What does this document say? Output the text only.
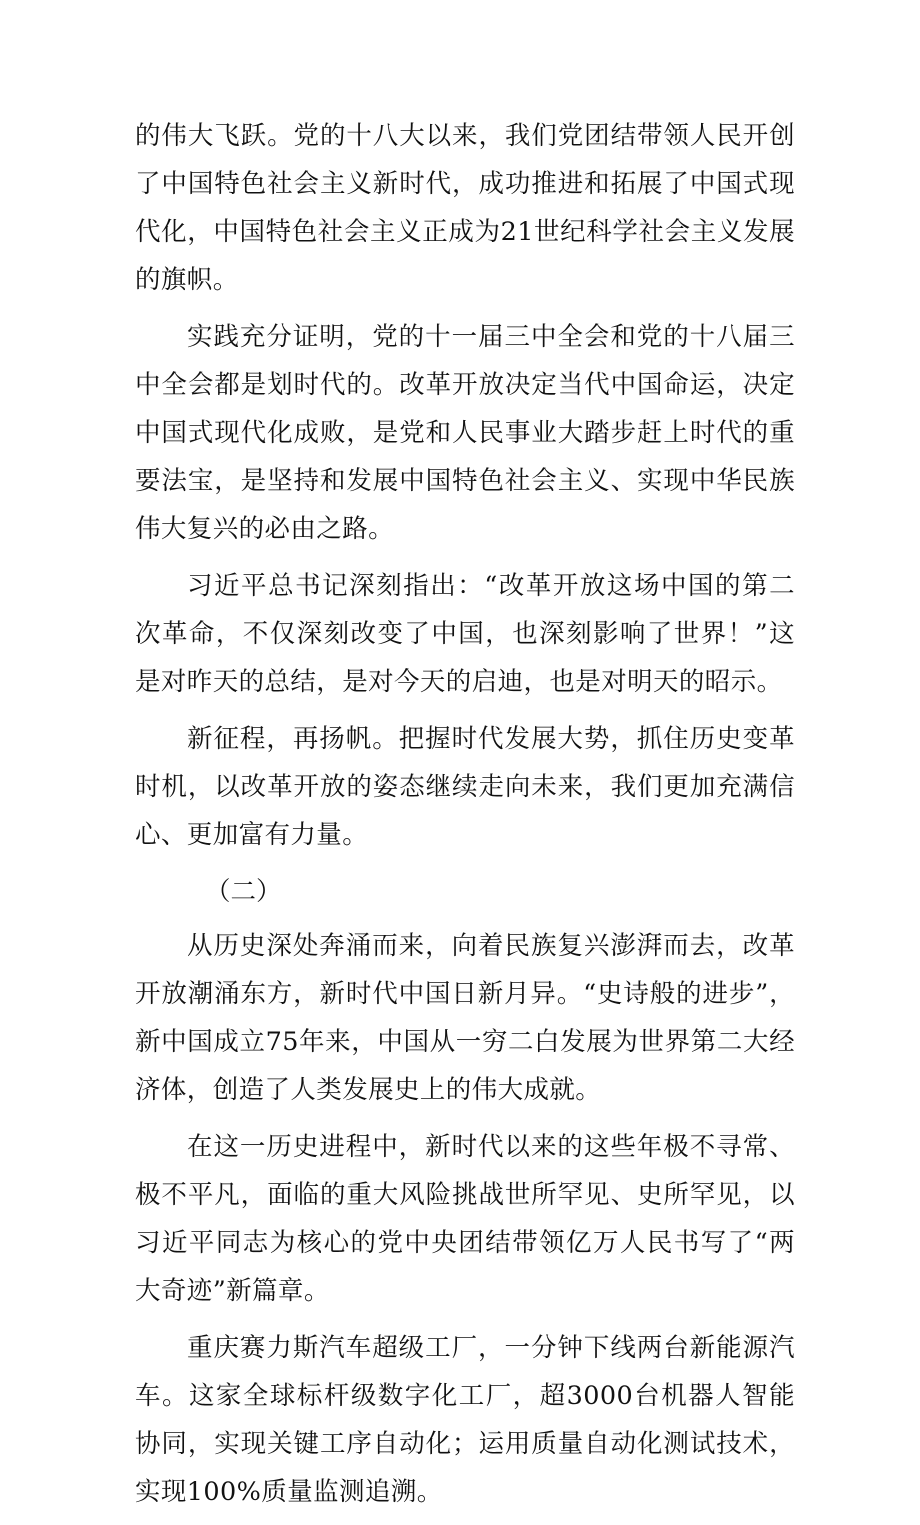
的伟大飞跃。党的十八大以来，我们党团结带领人民开创了中国特色社会主义新时代，成功推进和拓展了中国式现代化，中国特色社会主义正成为21世纪科学社会主义发展的旗帜。

实践充分证明，党的十一届三中全会和党的十八届三中全会都是划时代的。改革开放决定当代中国命运，决定中国式现代化成败，是党和人民事业大踏步赶上时代的重要法宝，是坚持和发展中国特色社会主义、实现中华民族伟大复兴的必由之路。

习近平总书记深刻指出：“改革开放这场中国的第二次革命，不仅深刻改变了中国，也深刻影响了世界！”这是对昨天的总结，是对今天的启迪，也是对明天的昭示。

新征程，再扬帆。把握时代发展大势，抓住历史变革时机，以改革开放的姿态继续走向未来，我们更加充满信心、更加富有力量。

（二）

从历史深处奔涌而来，向着民族复兴澎湃而去，改革开放潮涌东方，新时代中国日新月异。“史诗般的进步”，新中国成立75年来，中国从一穷二白发展为世界第二大经济体，创造了人类发展史上的伟大成就。

在这一历史进程中，新时代以来的这些年极不寻常、极不平凡，面临的重大风险挑战世所罕见、史所罕见，以习近平同志为核心的党中央团结带领亿万人民书写了“两大奇迹”新篇章。

重庆赛力斯汽车超级工厂，一分钟下线两台新能源汽车。这家全球标杆级数字化工厂，超3000台机器人智能协同，实现关键工序自动化；运用质量自动化测试技术，实现100%质量监测追溯。
